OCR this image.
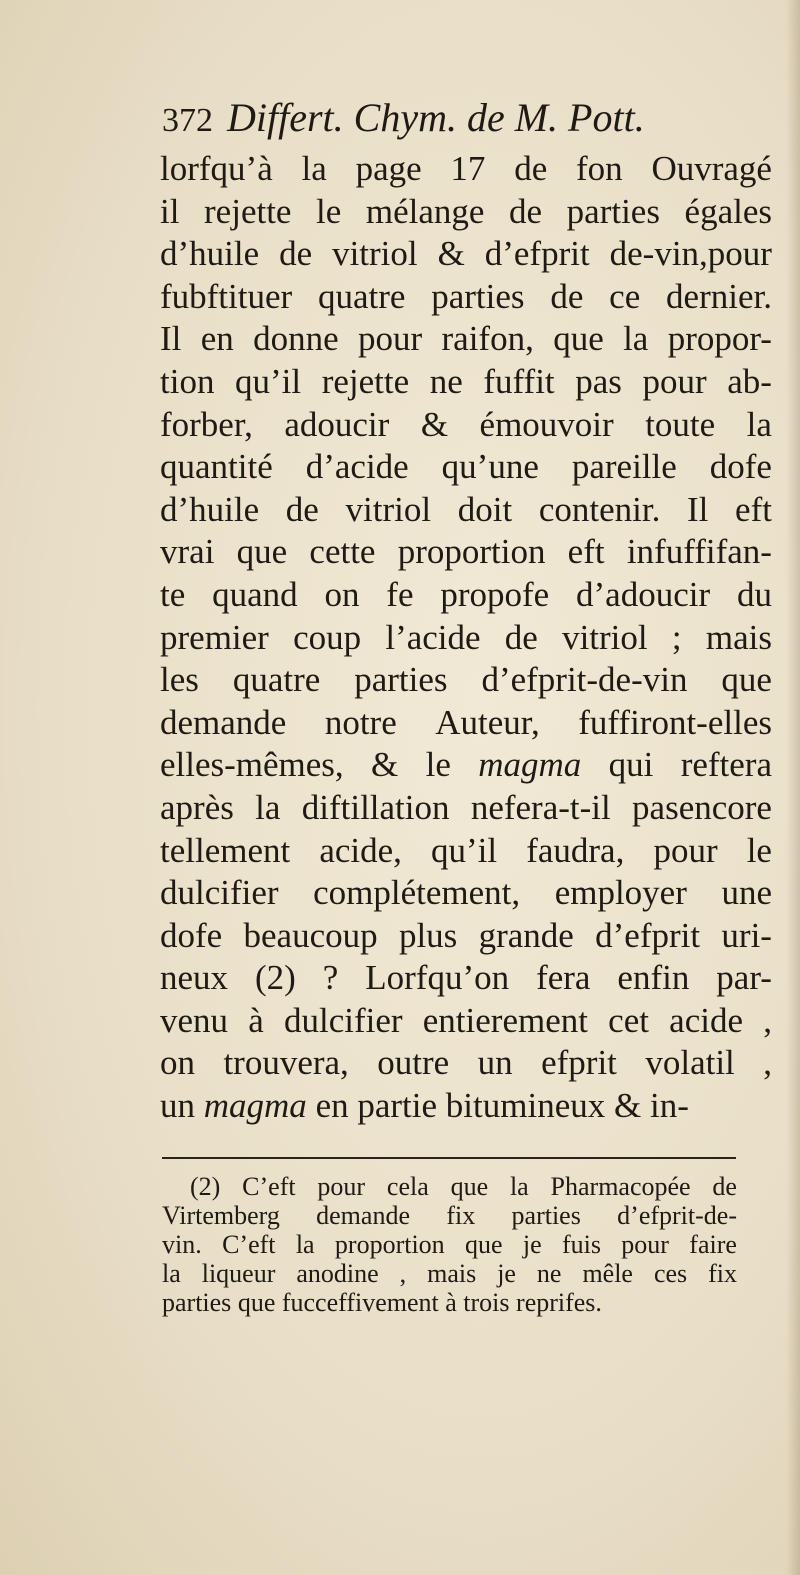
372 Differt. Chym. de M. Pott.
lorfqu’à la page 17 de fon Ouvragé
il rejette le mélange de parties égales
d’huile de vitriol & d’efprit de-vin,pour
fubftituer quatre parties de ce dernier.
Il en donne pour raifon, que la propor-
tion qu’il rejette ne fuffit pas pour ab-
forber, adoucir & émouvoir toute la
quantité d’acide qu’une pareille dofe
d’huile de vitriol doit contenir. Il eft
vrai que cette proportion eft infuffifan-
te quand on fe propofe d’adoucir du
premier coup l’acide de vitriol ; mais
les quatre parties d’efprit-de-vin que
demande notre Auteur, fuffiront-elles
elles-mêmes, & le magma qui reftera
après la diftillation nefera-t-il pasencore
tellement acide, qu’il faudra, pour le
dulcifier complétement, employer une
dofe beaucoup plus grande d’efprit uri-
neux (2) ? Lorfqu’on fera enfin par-
venu à dulcifier entierement cet acide ,
on trouvera, outre un efprit volatil ,
un
magma
en
partie
bitumineux
&
in-
(2) C’eft pour cela que la Pharmacopée de
Virtemberg demande fix parties d’efprit-de-
vin. C’eft la proportion que je fuis pour faire
la liqueur anodine , mais je ne mêle ces fix
parties
que
fucceffivement
à
trois
reprifes.
